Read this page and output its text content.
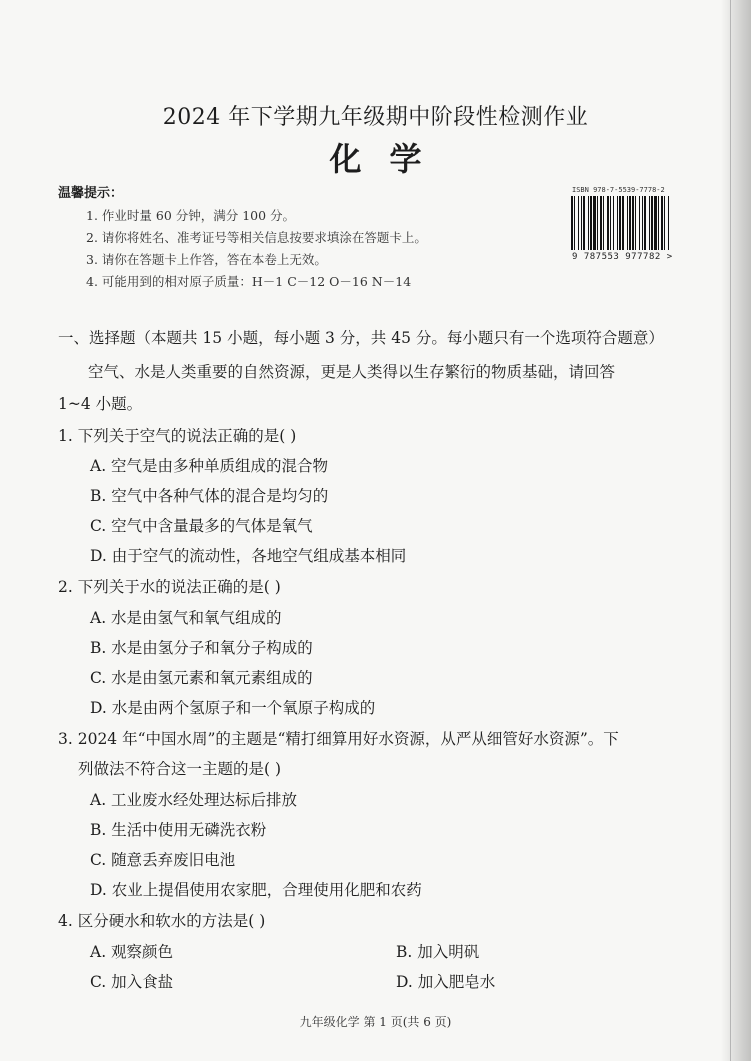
2024 年下学期九年级期中阶段性检测作业
化学
温馨提示：
1. 作业时量 60 分钟，满分 100 分。
2. 请你将姓名、准考证号等相关信息按要求填涂在答题卡上。
3. 请你在答题卡上作答，答在本卷上无效。
4. 可能用到的相对原子质量：H－1 C－12 O－16 N－14
ISBN 978-7-5539-7778-2
9 787553 977782 >
一、选择题（本题共 15 小题，每小题 3 分，共 45 分。每小题只有一个选项符合题意）
空气、水是人类重要的自然资源，更是人类得以生存繁衍的物质基础，请回答
1~4 小题。
1. 下列关于空气的说法正确的是( )
A. 空气是由多种单质组成的混合物
B. 空气中各种气体的混合是均匀的
C. 空气中含量最多的气体是氧气
D. 由于空气的流动性，各地空气组成基本相同
2. 下列关于水的说法正确的是( )
A. 水是由氢气和氧气组成的
B. 水是由氢分子和氧分子构成的
C. 水是由氢元素和氧元素组成的
D. 水是由两个氢原子和一个氧原子构成的
3. 2024 年“中国水周”的主题是“精打细算用好水资源，从严从细管好水资源”。下
列做法不符合这一主题的是( )
A. 工业废水经处理达标后排放
B. 生活中使用无磷洗衣粉
C. 随意丢弃废旧电池
D. 农业上提倡使用农家肥，合理使用化肥和农药
4. 区分硬水和软水的方法是( )
A. 观察颜色	B. 加入明矾
C. 加入食盐	D. 加入肥皂水
九年级化学 第 1 页(共 6 页)
